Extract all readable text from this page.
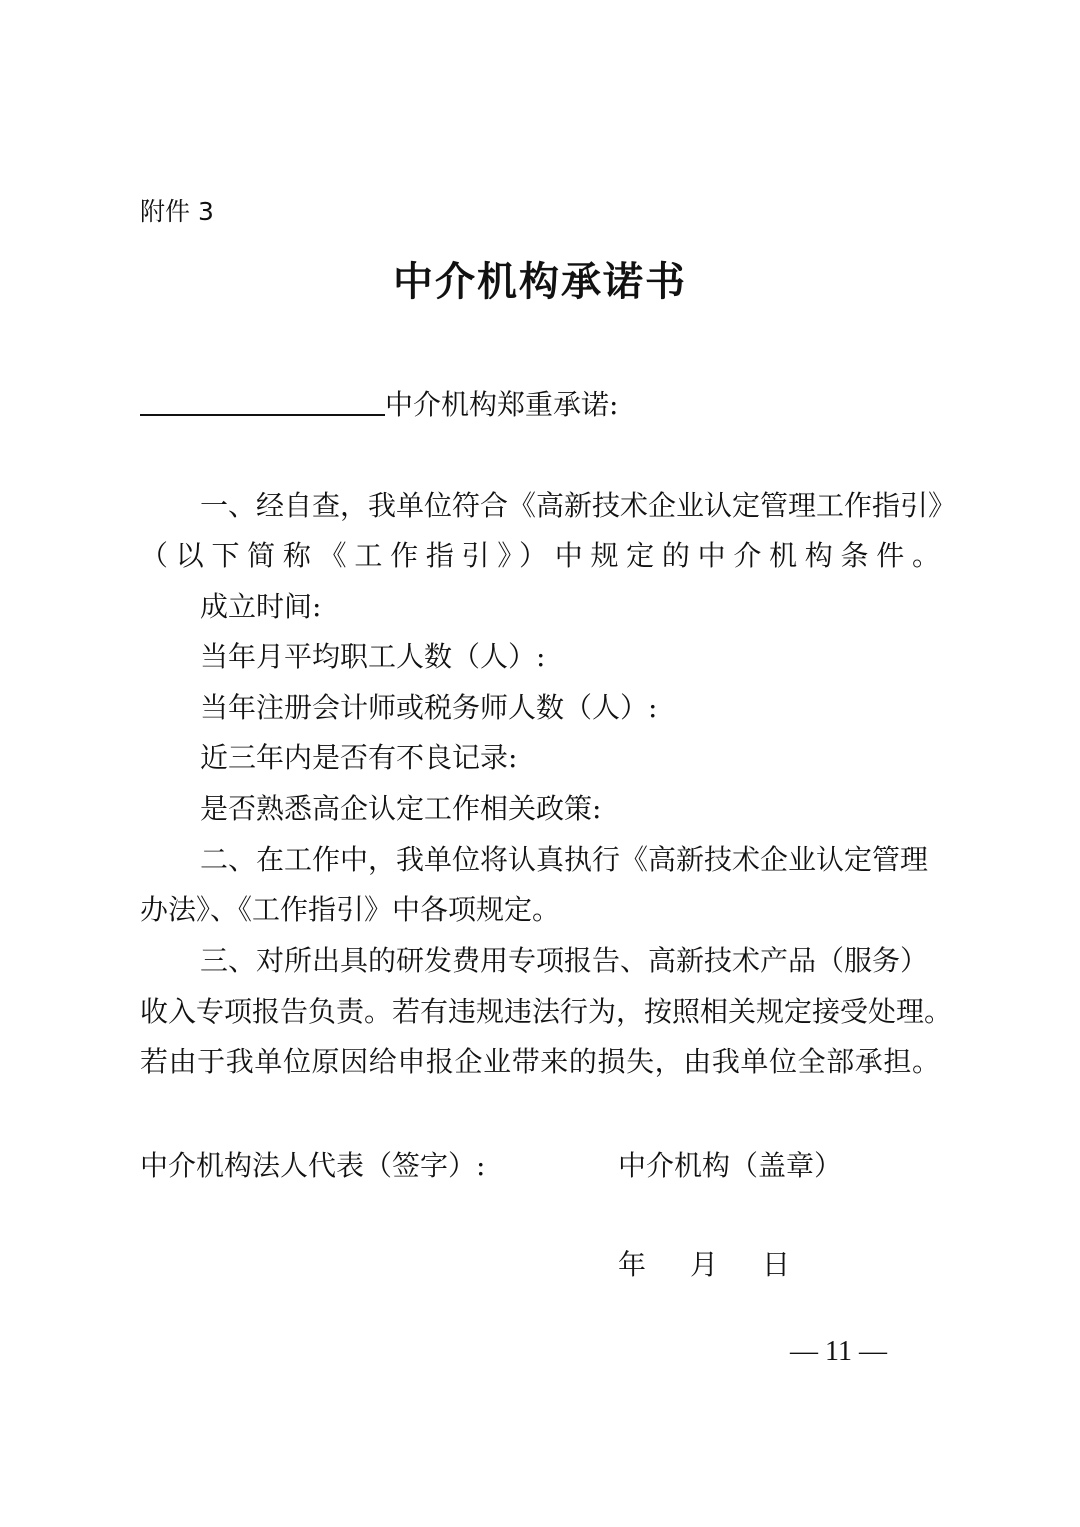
附件 3
中介机构承诺书
中介机构郑重承诺:
一、经自查，我单位符合《高新技术企业认定管理工作指引》
（以下简称《工作指引》）中规定的中介机构条件。
成立时间:
当年月平均职工人数（人）:
当年注册会计师或税务师人数（人）:
近三年内是否有不良记录:
是否熟悉高企认定工作相关政策:
二、在工作中，我单位将认真执行《高新技术企业认定管理
办法》、《工作指引》中各项规定。
三、对所出具的研发费用专项报告、高新技术产品（服务）
收入专项报告负责。若有违规违法行为，按照相关规定接受处理。
若由于我单位原因给申报企业带来的损失，由我单位全部承担。
中介机构法人代表（签字）:	中介机构（盖章）
年 月 日
— 11 —
